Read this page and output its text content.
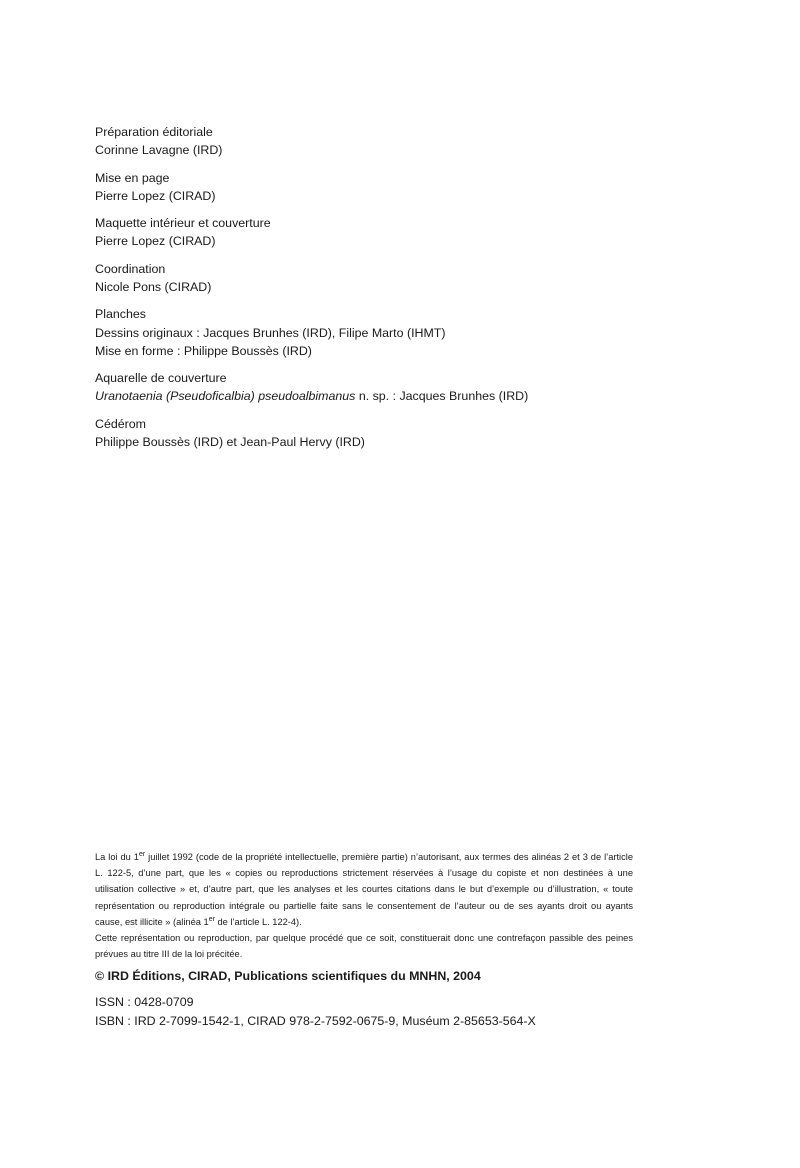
Préparation éditoriale
Corinne Lavagne (IRD)
Mise en page
Pierre Lopez (CIRAD)
Maquette intérieur et couverture
Pierre Lopez (CIRAD)
Coordination
Nicole Pons (CIRAD)
Planches
Dessins originaux : Jacques Brunhes (IRD), Filipe Marto (IHMT)
Mise en forme : Philippe Boussès (IRD)
Aquarelle de couverture
Uranotaenia (Pseudoficalbia) pseudoalbimanus n. sp. : Jacques Brunhes (IRD)
Cédérom
Philippe Boussès (IRD) et Jean-Paul Hervy (IRD)
La loi du 1er juillet 1992 (code de la propriété intellectuelle, première partie) n’autorisant, aux termes des alinéas 2 et 3 de l’article L. 122-5, d’une part, que les « copies ou reproductions strictement réservées à l’usage du copiste et non destinées à une utilisation collective » et, d’autre part, que les analyses et les courtes citations dans le but d’exemple ou d’illustration, « toute représentation ou reproduction intégrale ou partielle faite sans le consentement de l’auteur ou de ses ayants droit ou ayants cause, est illicite » (alinéa 1er de l’article L. 122-4).
Cette représentation ou reproduction, par quelque procédé que ce soit, constituerait donc une contrefaçon passible des peines prévues au titre III de la loi précitée.
© IRD Éditions, CIRAD, Publications scientifiques du MNHN, 2004
ISSN : 0428-0709
ISBN : IRD 2-7099-1542-1, CIRAD 978-2-7592-0675-9, Muséum 2-85653-564-X
